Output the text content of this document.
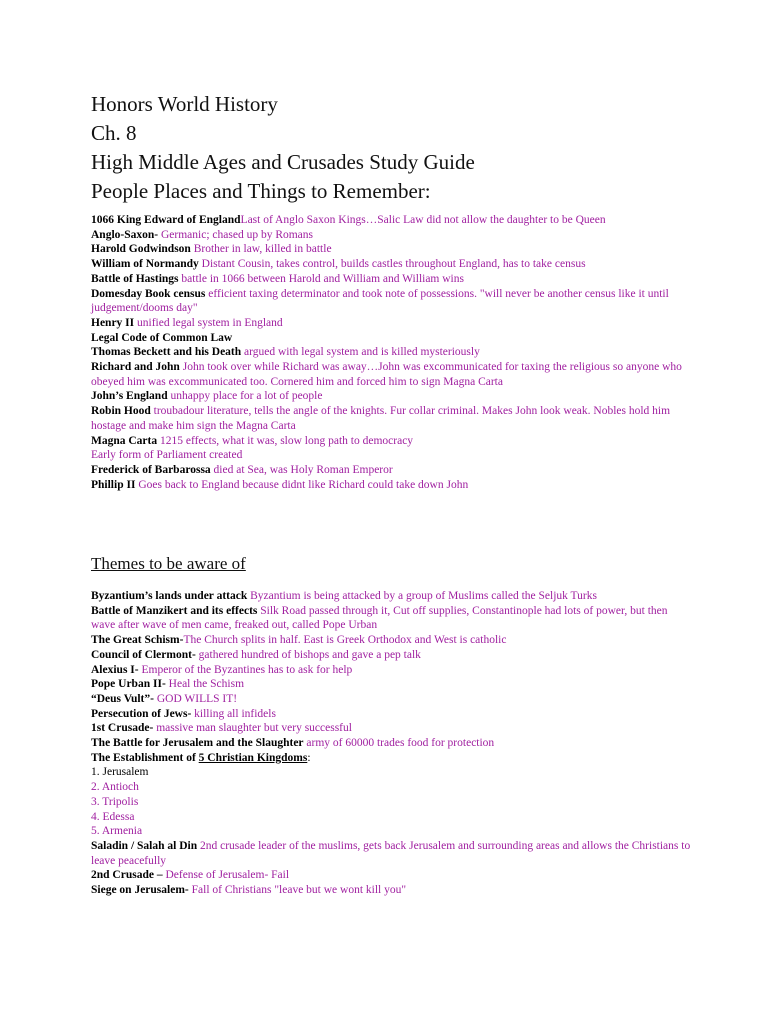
Honors World History
Ch. 8
High Middle Ages and Crusades Study Guide
People Places and Things to Remember:

1066 King Edward of EnglandLast of Anglo Saxon Kings…Salic Law did not allow the daughter to be Queen

Anglo-Saxon- Germanic; chased up by Romans

Harold Godwindson Brother in law, killed in battle

William of Normandy Distant Cousin, takes control, builds castles throughout England, has to take census

Battle of Hastings battle in 1066 between Harold and William and William wins

Domesday Book census efficient taxing determinator and took note of possessions. "will never be another census like it until judgement/dooms day"

Henry II unified legal system in England

Legal Code of Common Law

Thomas Beckett and his Death argued with legal system and is killed mysteriously

Richard and John John took over while Richard was away…John was excommunicated for taxing the religious so anyone who obeyed him was excommunicated too. Cornered him and forced him to sign Magna Carta

John’s England unhappy place for a lot of people

Robin Hood troubadour literature, tells the angle of the knights. Fur collar criminal. Makes John look weak. Nobles hold him hostage and make him sign the Magna Carta

Magna Carta 1215 effects, what it was, slow long path to democracy

Early form of Parliament created

Frederick of Barbarossa died at Sea, was Holy Roman Emperor

Phillip II Goes back to England because didnt like Richard could take down John

Themes to be aware of

Byzantium’s lands under attack Byzantium is being attacked by a group of Muslims called the Seljuk Turks

Battle of Manzikert and its effects Silk Road passed through it, Cut off supplies, Constantinople had lots of power, but then wave after wave of men came, freaked out, called Pope Urban

The Great Schism-The Church splits in half. East is Greek Orthodox and West is catholic

Council of Clermont- gathered hundred of bishops and gave a pep talk

Alexius I- Emperor of the Byzantines has to ask for help

Pope Urban II- Heal the Schism

“Deus Vult”- GOD WILLS IT!

Persecution of Jews- killing all infidels

1st Crusade- massive man slaughter but very successful

The Battle for Jerusalem and the Slaughter army of 60000 trades food for protection

The Establishment of 5 Christian Kingdoms:

1. Jerusalem

2. Antioch

3. Tripolis

4. Edessa

5. Armenia

Saladin / Salah al Din 2nd crusade leader of the muslims, gets back Jerusalem and surrounding areas and allows the Christians to leave peacefully

2nd Crusade – Defense of Jerusalem- Fail

Siege on Jerusalem- Fall of Christians "leave but we wont kill you"
